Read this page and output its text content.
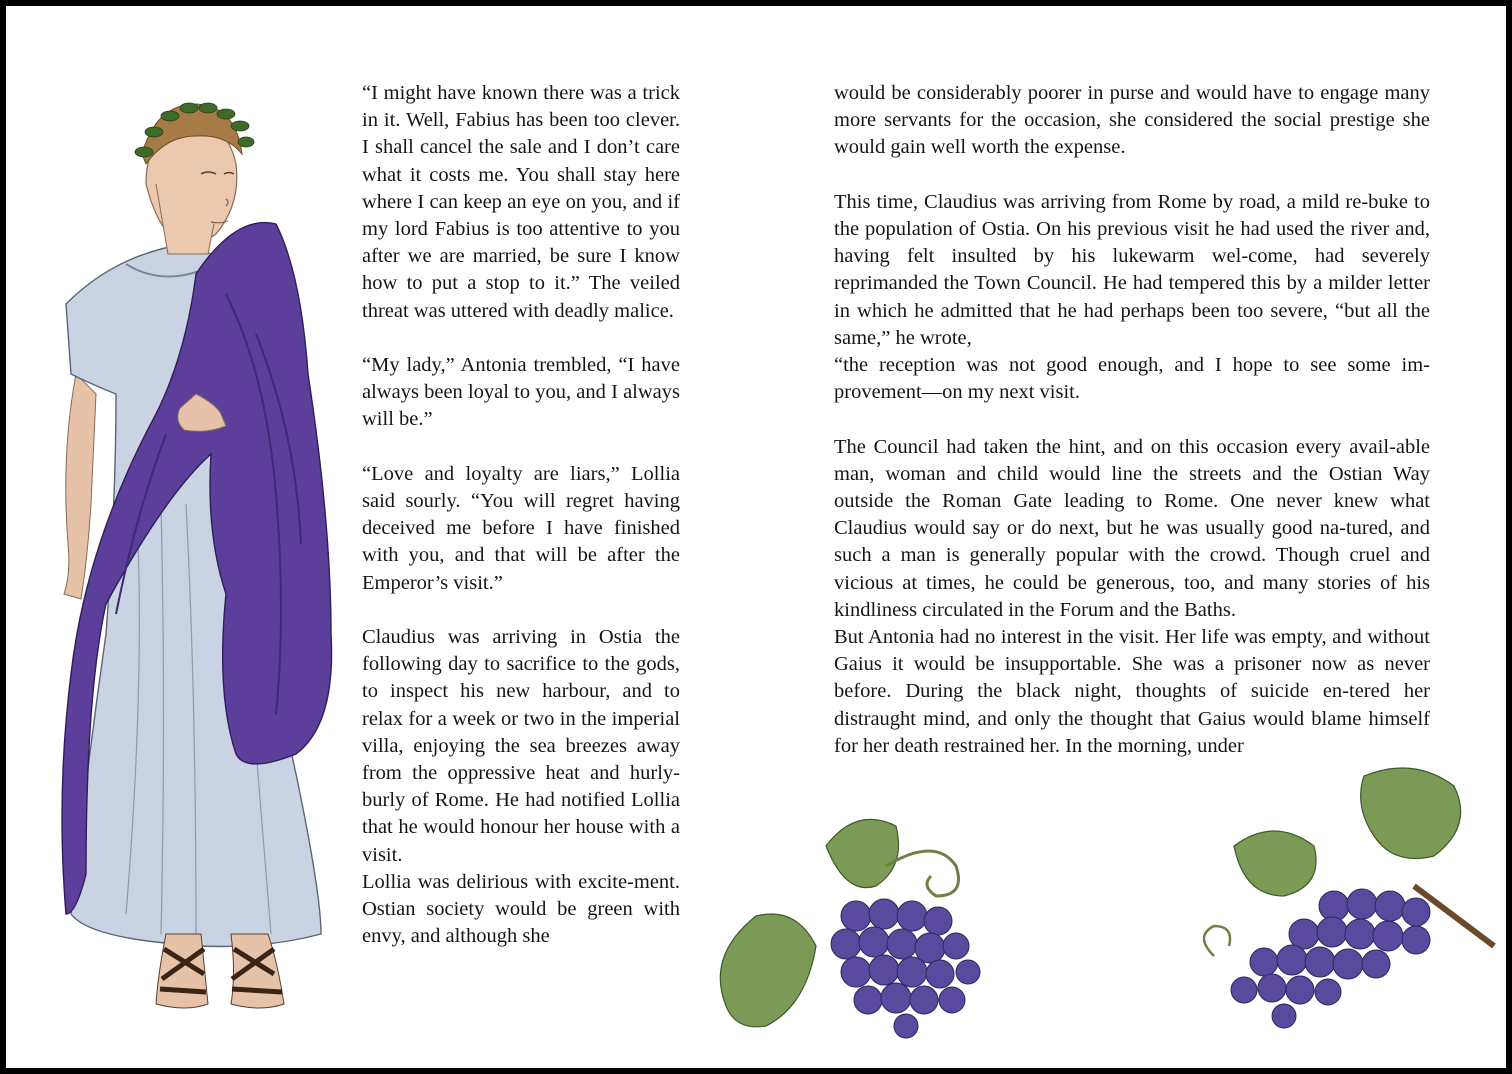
“I might have known there was a trick in it. Well, Fabius has been too clever. I shall cancel the sale and I don’t care what it costs me. You shall stay here where I can keep an eye on you, and if my lord Fabius is too attentive to you after we are married, be sure I know how to put a stop to it.” The veiled threat was uttered with deadly malice.

“My lady,” Antonia trembled, “I have always been loyal to you, and I always will be.”

“Love and loyalty are liars,” Lollia said sourly. “You will regret having deceived me before I have finished with you, and that will be after the Emperor’s visit.”

Claudius was arriving in Ostia the following day to sacrifice to the gods, to inspect his new harbour, and to relax for a week or two in the imperial villa, enjoying the sea breezes away from the oppressive heat and hurly-burly of Rome. He had notified Lollia that he would honour her house with a visit.

Lollia was delirious with excite-ment. Ostian society would be green with envy, and although she

would be considerably poorer in purse and would have to engage many more servants for the occasion, she considered the social prestige she would gain well worth the expense.

This time, Claudius was arriving from Rome by road, a mild re-buke to the population of Ostia. On his previous visit he had used the river and, having felt insulted by his lukewarm wel-come, had severely reprimanded the Town Council. He had tempered this by a milder letter in which he admitted that he had perhaps been too severe, “but all the same,” he wrote,

“the reception was not good enough, and I hope to see some im-provement—on my next visit.

The Council had taken the hint, and on this occasion every avail-able man, woman and child would line the streets and the Ostian Way outside the Roman Gate leading to Rome. One never knew what Claudius would say or do next, but he was usually good na-tured, and such a man is generally popular with the crowd. Though cruel and vicious at times, he could be generous, too, and many stories of his kindliness circulated in the Forum and the Baths.

But Antonia had no interest in the visit. Her life was empty, and without Gaius it would be insupportable. She was a prisoner now as never before. During the black night, thoughts of suicide en-tered her distraught mind, and only the thought that Gaius would blame himself for her death restrained her. In the morning, under
